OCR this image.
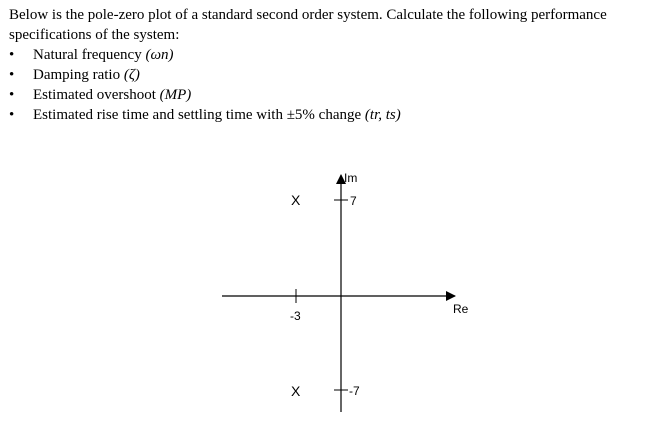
Below is the pole-zero plot of a standard second order system. Calculate the following performance specifications of the system:

• Natural frequency (ωn)
• Damping ratio (ζ)
• Estimated overshoot (MP)
• Estimated rise time and settling time with ±5% change (tr, ts)
Re
Im
7
-7
-3
X
X
